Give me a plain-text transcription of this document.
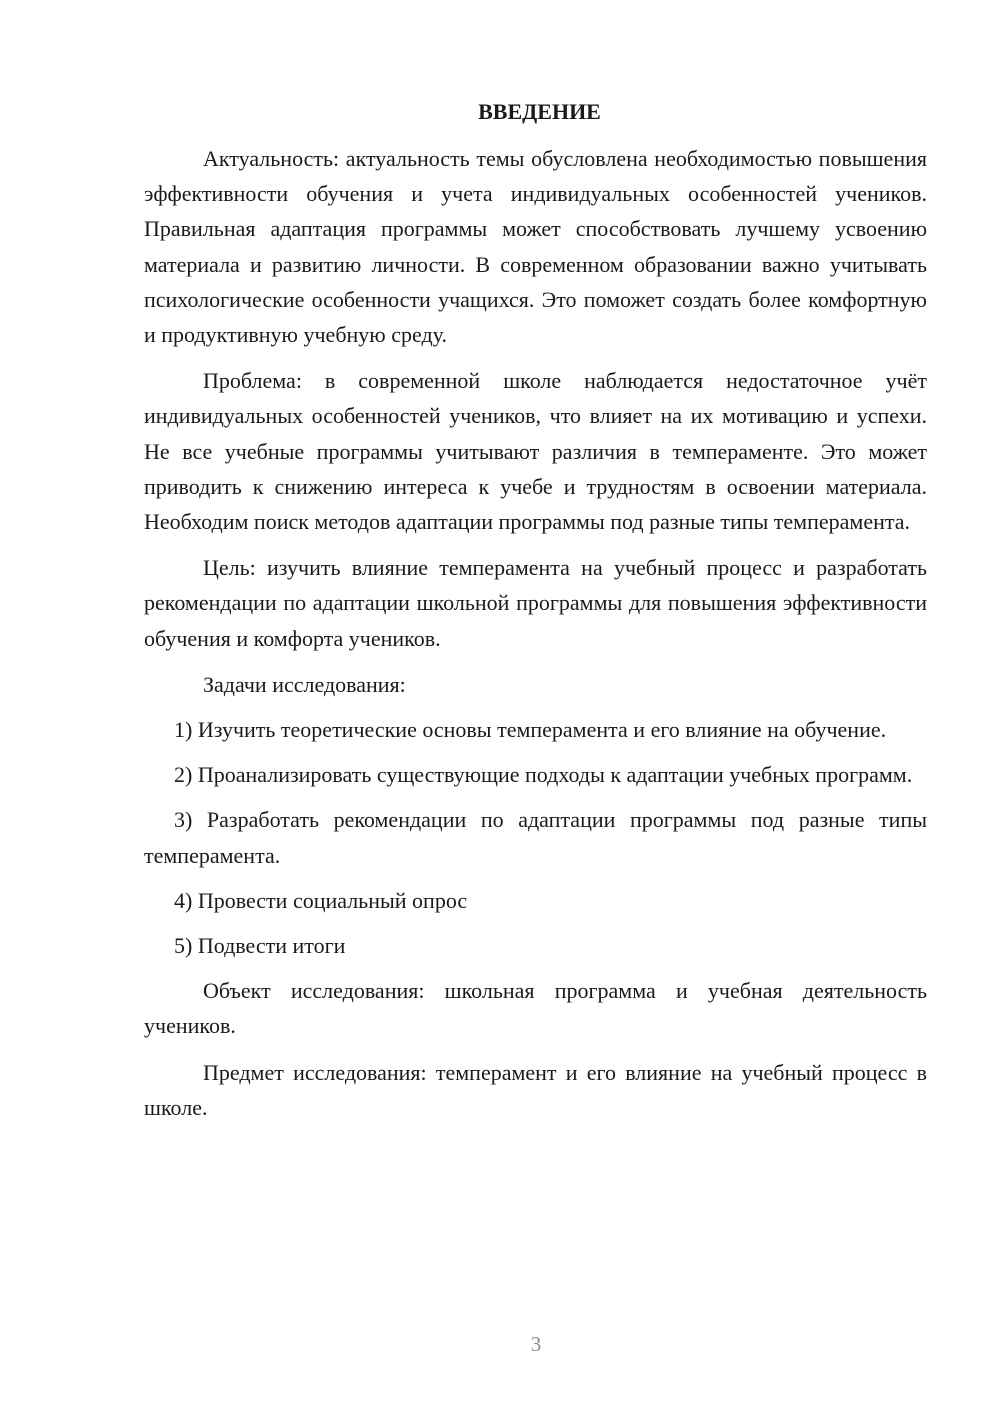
ВВЕДЕНИЕ

Актуальность: актуальность темы обусловлена необходимостью повышения эффективности обучения и учета индивидуальных особенностей учеников. Правильная адаптация программы может способствовать лучшему усвоению материала и развитию личности. В современном образовании важно учитывать психологические особенности учащихся. Это поможет создать более комфортную и продуктивную учебную среду.

Проблема: в современной школе наблюдается недостаточное учёт индивидуальных особенностей учеников, что влияет на их мотивацию и успехи. Не все учебные программы учитывают различия в темпераменте. Это может приводить к снижению интереса к учебе и трудностям в освоении материала. Необходим поиск методов адаптации программы под разные типы темперамента.

Цель: изучить влияние темперамента на учебный процесс и разработать рекомендации по адаптации школьной программы для повышения эффективности обучения и комфорта учеников.

Задачи исследования:

1) Изучить теоретические основы темперамента и его влияние на обучение.

2) Проанализировать существующие подходы к адаптации учебных программ.

3) Разработать рекомендации по адаптации программы под разные типы темперамента.

4) Провести социальный опрос

5) Подвести итоги

Объект исследования: школьная программа и учебная деятельность учеников.

Предмет исследования: темперамент и его влияние на учебный процесс в школе.

3
